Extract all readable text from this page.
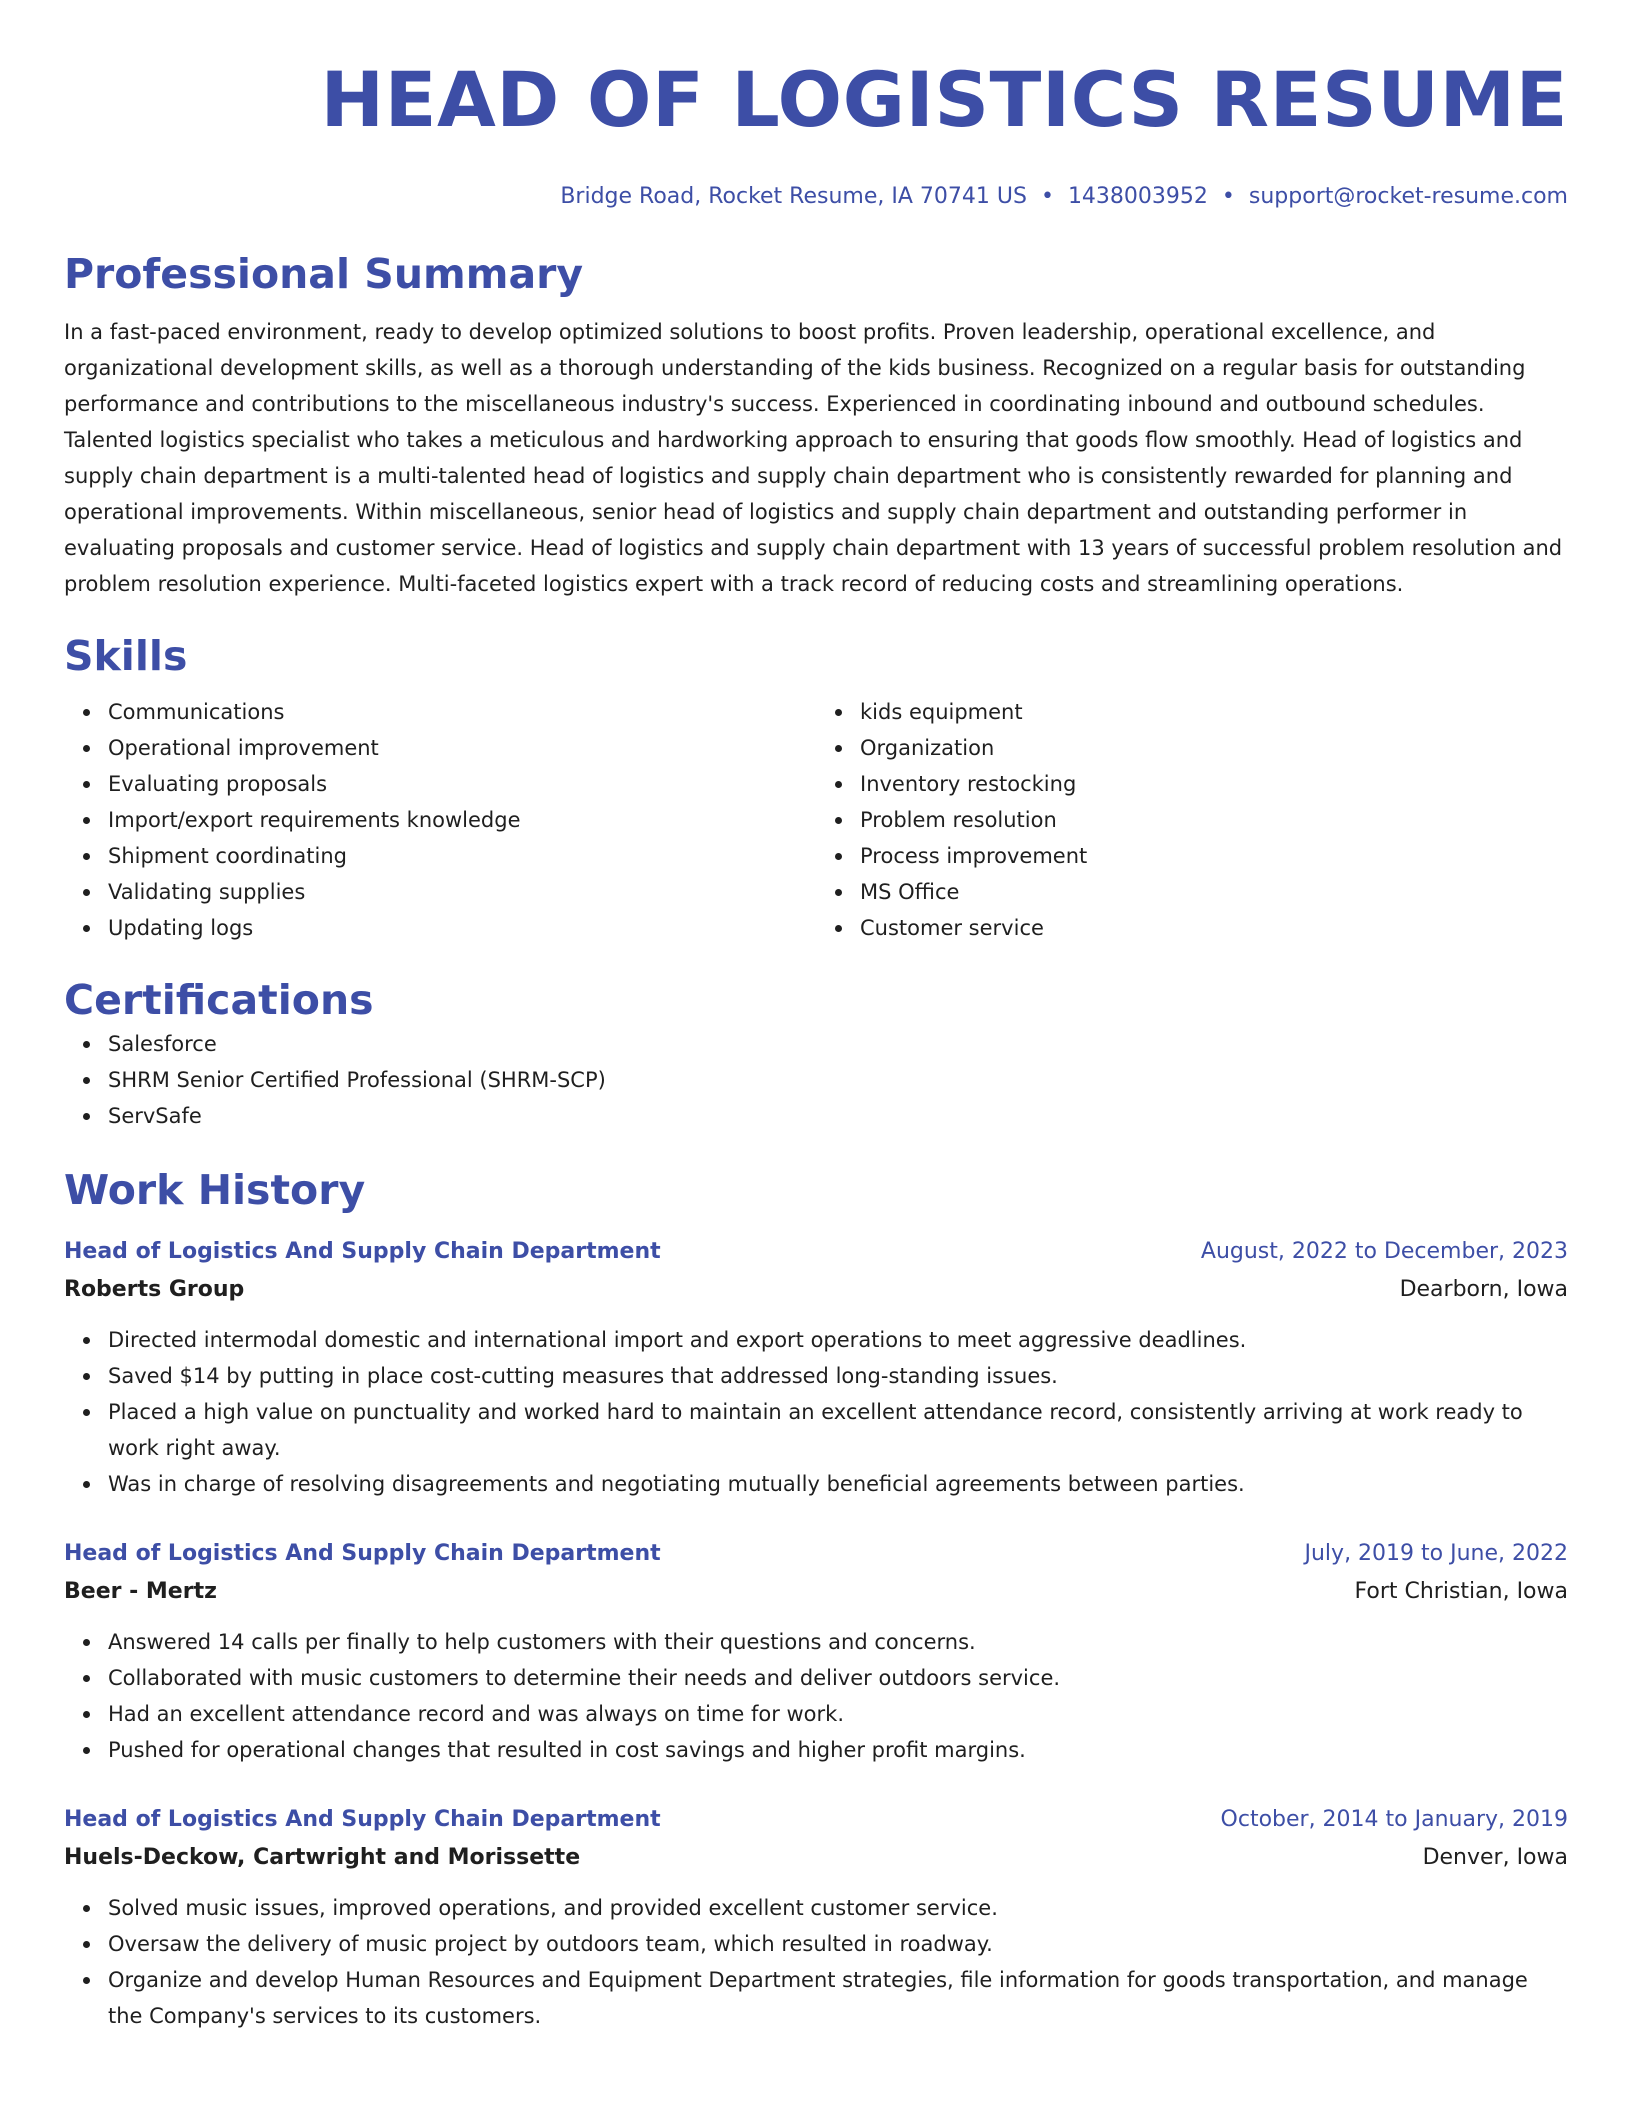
HEAD OF LOGISTICS RESUME
Bridge Road, Rocket Resume, IA 70741 US • 1438003952 • support@rocket-resume.com
Professional Summary
In a fast-paced environment, ready to develop optimized solutions to boost profits. Proven leadership, operational excellence, and organizational development skills, as well as a thorough understanding of the kids business. Recognized on a regular basis for outstanding performance and contributions to the miscellaneous industry's success. Experienced in coordinating inbound and outbound schedules. Talented logistics specialist who takes a meticulous and hardworking approach to ensuring that goods flow smoothly. Head of logistics and supply chain department is a multi-talented head of logistics and supply chain department who is consistently rewarded for planning and operational improvements. Within miscellaneous, senior head of logistics and supply chain department and outstanding performer in evaluating proposals and customer service. Head of logistics and supply chain department with 13 years of successful problem resolution and problem resolution experience. Multi-faceted logistics expert with a track record of reducing costs and streamlining operations.
Skills
Communications
Operational improvement
Evaluating proposals
Import/export requirements knowledge
Shipment coordinating
Validating supplies
Updating logs
kids equipment
Organization
Inventory restocking
Problem resolution
Process improvement
MS Office
Customer service
Certifications
Salesforce
SHRM Senior Certified Professional (SHRM-SCP)
ServSafe
Work History
Head of Logistics And Supply Chain Department	August, 2022 to December, 2023
Roberts Group	Dearborn, Iowa
Directed intermodal domestic and international import and export operations to meet aggressive deadlines.
Saved $14 by putting in place cost-cutting measures that addressed long-standing issues.
Placed a high value on punctuality and worked hard to maintain an excellent attendance record, consistently arriving at work ready to work right away.
Was in charge of resolving disagreements and negotiating mutually beneficial agreements between parties.
Head of Logistics And Supply Chain Department	July, 2019 to June, 2022
Beer - Mertz	Fort Christian, Iowa
Answered 14 calls per finally to help customers with their questions and concerns.
Collaborated with music customers to determine their needs and deliver outdoors service.
Had an excellent attendance record and was always on time for work.
Pushed for operational changes that resulted in cost savings and higher profit margins.
Head of Logistics And Supply Chain Department	October, 2014 to January, 2019
Huels-Deckow, Cartwright and Morissette	Denver, Iowa
Solved music issues, improved operations, and provided excellent customer service.
Oversaw the delivery of music project by outdoors team, which resulted in roadway.
Organize and develop Human Resources and Equipment Department strategies, file information for goods transportation, and manage the Company's services to its customers.
